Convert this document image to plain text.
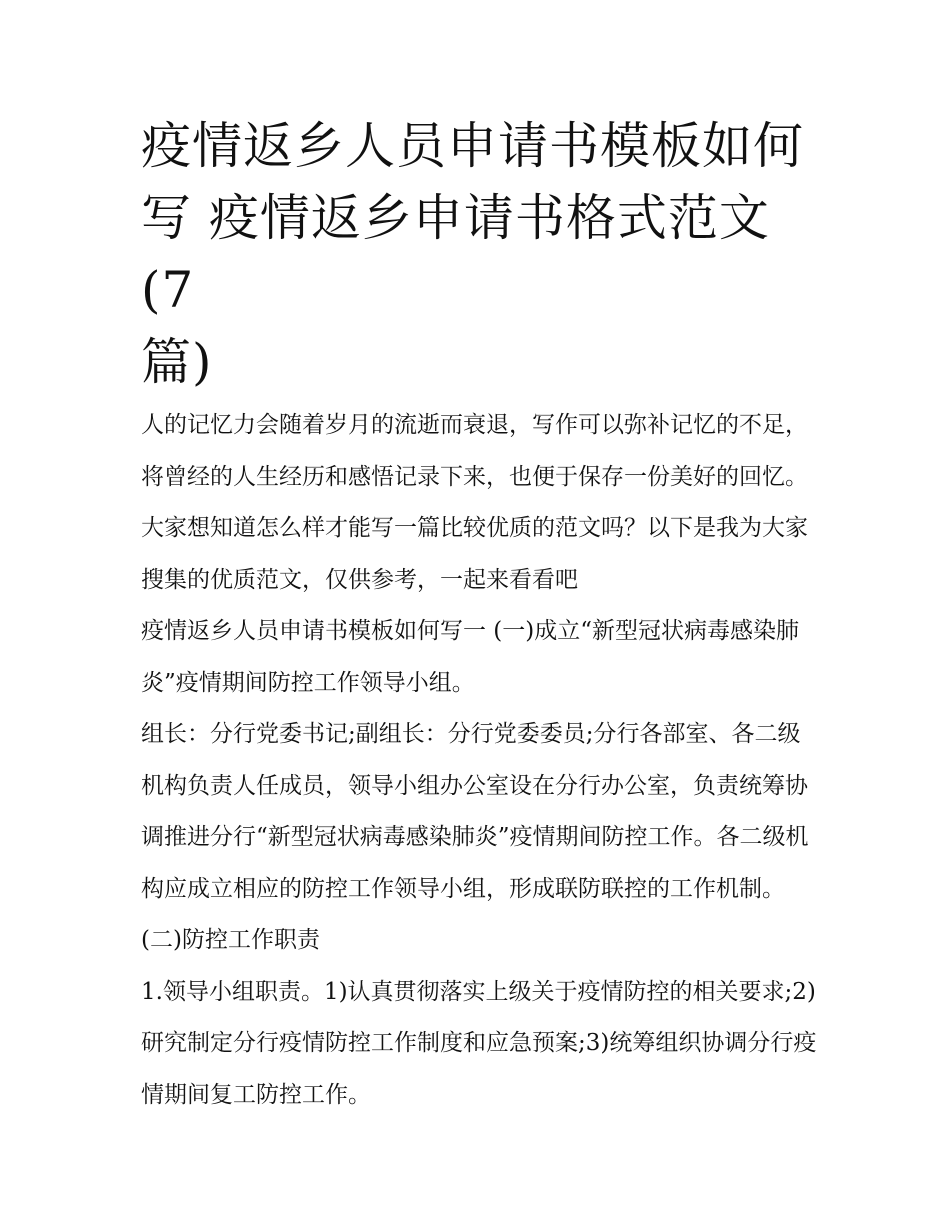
疫情返乡人员申请书模板如何
写 疫情返乡申请书格式范文(7
篇)

人的记忆力会随着岁月的流逝而衰退，写作可以弥补记忆的不足，将曾经的人生经历和感悟记录下来，也便于保存一份美好的回忆。大家想知道怎么样才能写一篇比较优质的范文吗？以下是我为大家搜集的优质范文，仅供参考，一起来看看吧

疫情返乡人员申请书模板如何写一 (一)成立“新型冠状病毒感染肺炎”疫情期间防控工作领导小组。

组长：分行党委书记;副组长：分行党委委员;分行各部室、各二级机构负责人任成员，领导小组办公室设在分行办公室，负责统筹协调推进分行“新型冠状病毒感染肺炎”疫情期间防控工作。各二级机构应成立相应的防控工作领导小组，形成联防联控的工作机制。

(二)防控工作职责

1.领导小组职责。1)认真贯彻落实上级关于疫情防控的相关要求;2)研究制定分行疫情防控工作制度和应急预案;3)统筹组织协调分行疫情期间复工防控工作。
